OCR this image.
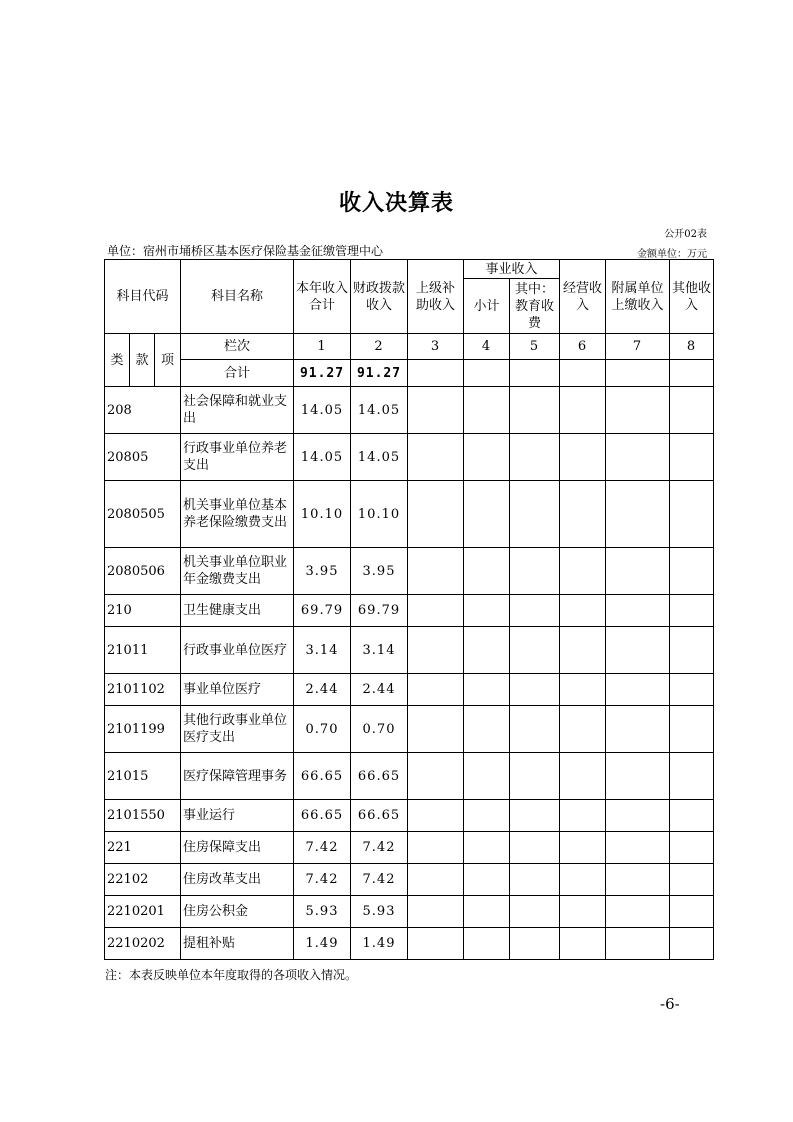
收入决算表
公开02表
单位：宿州市埇桥区基本医疗保险基金征缴管理中心	金额单位：万元
科目代码			科目名称	本年收入合计	财政拨款收入	上级补助收入	事业收入		经营收入	附属单位上缴收入	其他收入
							小计	其中：教育收费			
类	款	项	栏次	1	2	3	4	5	6	7	8
			合计	91.27	91.27						
208			社会保障和就业支出	14.05	14.05						
20805			行政事业单位养老支出	14.05	14.05						
2080505			机关事业单位基本养老保险缴费支出	10.10	10.10						
2080506			机关事业单位职业年金缴费支出	3.95	3.95						
210			卫生健康支出	69.79	69.79						
21011			行政事业单位医疗	3.14	3.14						
2101102			事业单位医疗	2.44	2.44						
2101199			其他行政事业单位医疗支出	0.70	0.70						
21015			医疗保障管理事务	66.65	66.65						
2101550			事业运行	66.65	66.65						
221			住房保障支出	7.42	7.42						
22102			住房改革支出	7.42	7.42						
2210201			住房公积金	5.93	5.93						
2210202			提租补贴	1.49	1.49						
注：本表反映单位本年度取得的各项收入情况。
-6-
